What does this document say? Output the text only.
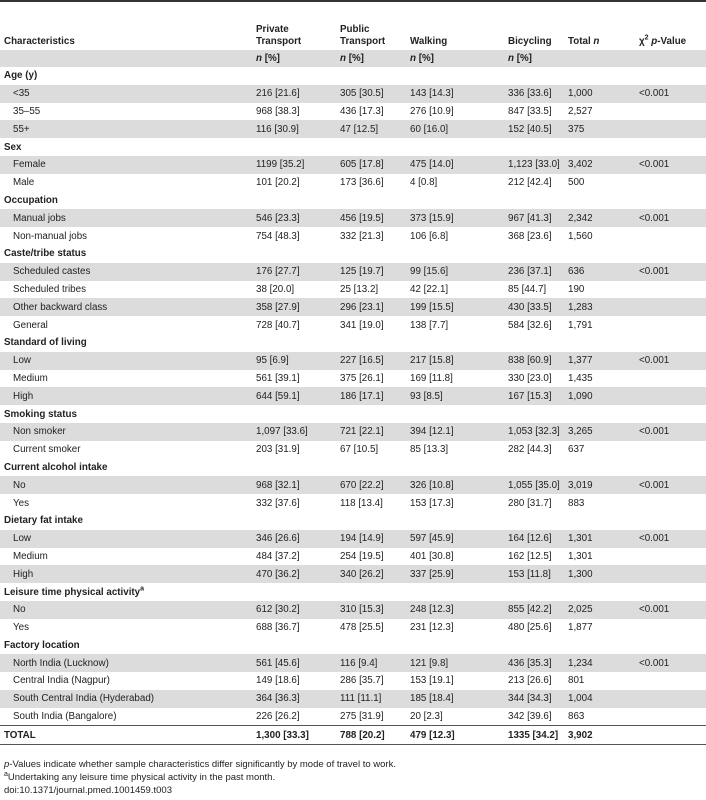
Characteristics	Private Transport	Public Transport	Walking	Bicycling	Total n	$\chi^2$ p-Value
	n [%]	n [%]	n [%]	n [%]		
Age (y)						
<35	216 [21.6]	305 [30.5]	143 [14.3]	336 [33.6]	1,000	<0.001
35–55	968 [38.3]	436 [17.3]	276 [10.9]	847 [33.5]	2,527	
55+	116 [30.9]	47 [12.5]	60 [16.0]	152 [40.5]	375	
Sex						
Female	1199 [35.2]	605 [17.8]	475 [14.0]	1,123 [33.0]	3,402	<0.001
Male	101 [20.2]	173 [36.6]	4 [0.8]	212 [42.4]	500	
Occupation						
Manual jobs	546 [23.3]	456 [19.5]	373 [15.9]	967 [41.3]	2,342	<0.001
Non-manual jobs	754 [48.3]	332 [21.3]	106 [6.8]	368 [23.6]	1,560	
Caste/tribe status						
Scheduled castes	176 [27.7]	125 [19.7]	99 [15.6]	236 [37.1]	636	<0.001
Scheduled tribes	38 [20.0]	25 [13.2]	42 [22.1]	85 [44.7]	190	
Other backward class	358 [27.9]	296 [23.1]	199 [15.5]	430 [33.5]	1,283	
General	728 [40.7]	341 [19.0]	138 [7.7]	584 [32.6]	1,791	
Standard of living						
Low	95 [6.9]	227 [16.5]	217 [15.8]	838 [60.9]	1,377	<0.001
Medium	561 [39.1]	375 [26.1]	169 [11.8]	330 [23.0]	1,435	
High	644 [59.1]	186 [17.1]	93 [8.5]	167 [15.3]	1,090	
Smoking status						
Non smoker	1,097 [33.6]	721 [22.1]	394 [12.1]	1,053 [32.3]	3,265	<0.001
Current smoker	203 [31.9]	67 [10.5]	85 [13.3]	282 [44.3]	637	
Current alcohol intake						
No	968 [32.1]	670 [22.2]	326 [10.8]	1,055 [35.0]	3,019	<0.001
Yes	332 [37.6]	118 [13.4]	153 [17.3]	280 [31.7]	883	
Dietary fat intake						
Low	346 [26.6]	194 [14.9]	597 [45.9]	164 [12.6]	1,301	<0.001
Medium	484 [37.2]	254 [19.5]	401 [30.8]	162 [12.5]	1,301	
High	470 [36.2]	340 [26.2]	337 [25.9]	153 [11.8]	1,300	
Leisure time physical activity$^a$
No	612 [30.2]	310 [15.3]	248 [12.3]	855 [42.2]	2,025	<0.001
Yes	688 [36.7]	478 [25.5]	231 [12.3]	480 [25.6]	1,877	
Factory location						
North India (Lucknow)	561 [45.6]	116 [9.4]	121 [9.8]	436 [35.3]	1,234	<0.001
Central India (Nagpur)	149 [18.6]	286 [35.7]	153 [19.1]	213 [26.6]	801	
South Central India (Hyderabad)	364 [36.3]	111 [11.1]	185 [18.4]	344 [34.3]	1,004	
South India (Bangalore)	226 [26.2]	275 [31.9]	20 [2.3]	342 [39.6]	863	
TOTAL	1,300 [33.3]	788 [20.2]	479 [12.3]	1335 [34.2]	3,902	
p-Values indicate whether sample characteristics differ significantly by mode of travel to work.
$^a$Undertaking any leisure time physical activity in the past month.
doi:10.1371/journal.pmed.1001459.t003
